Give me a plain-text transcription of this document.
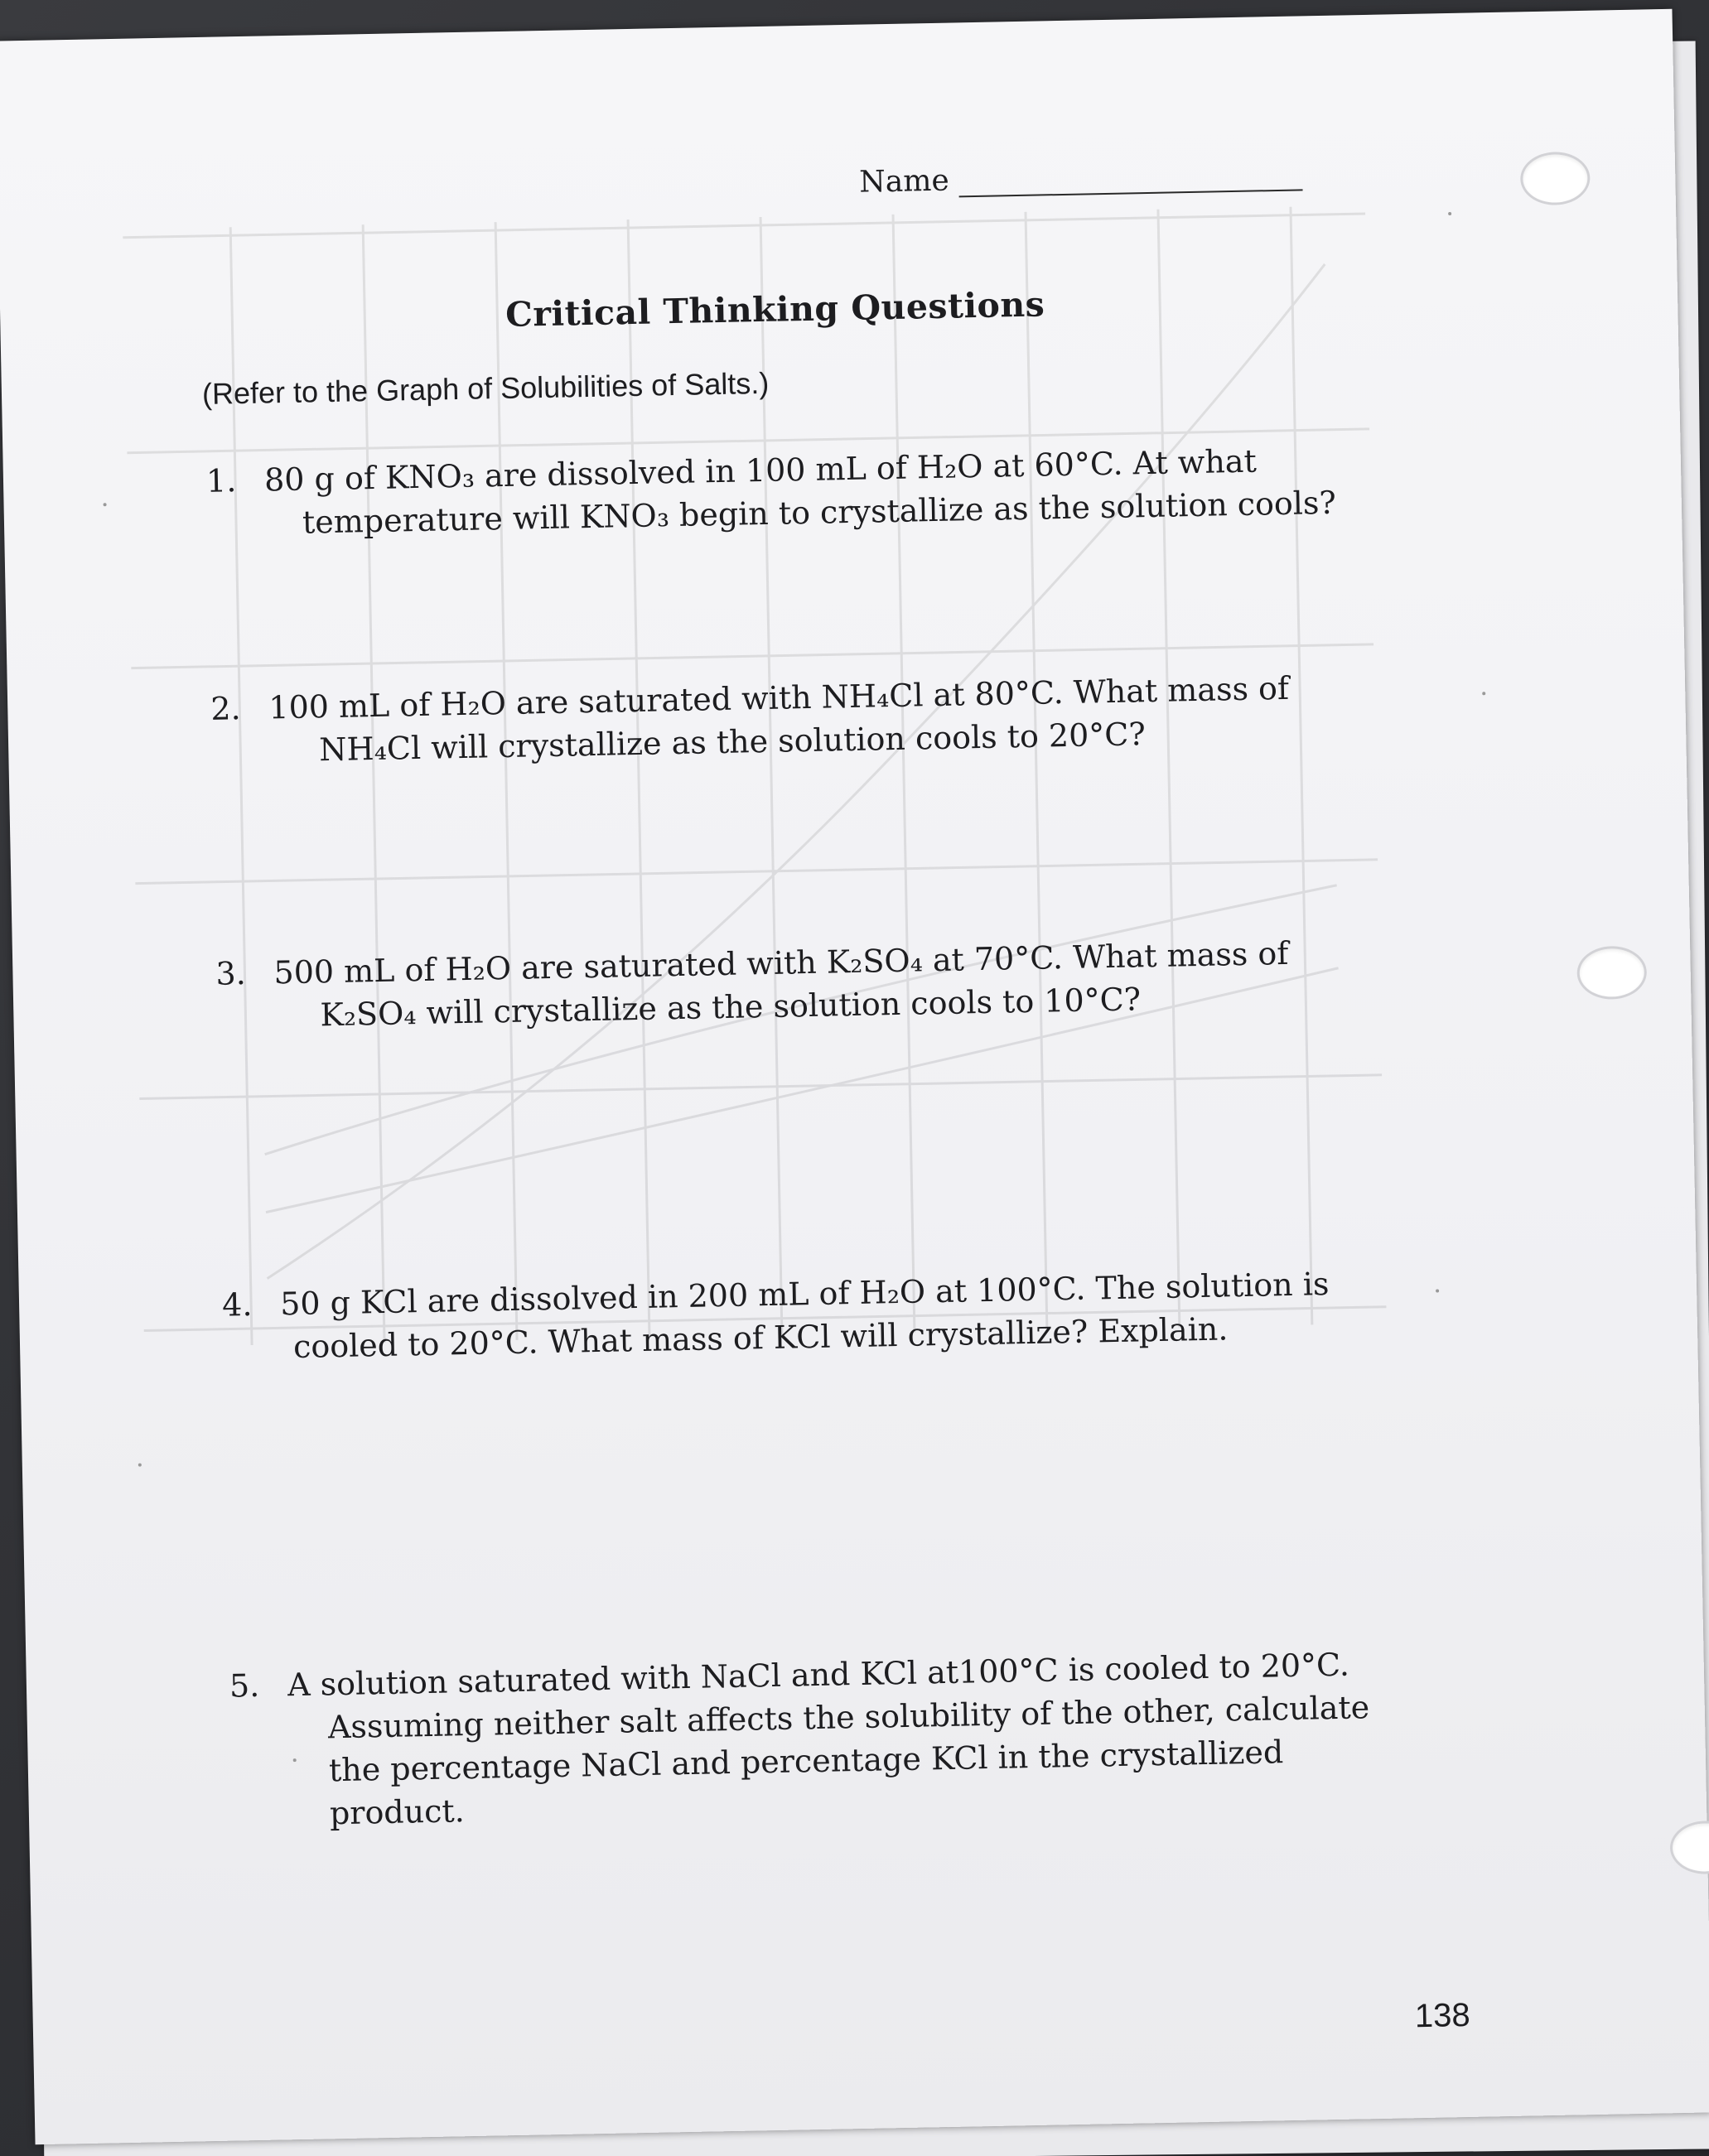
Name
Critical Thinking Questions
(Refer to the Graph of Solubilities of Salts.)
1. 80 g of KNO₃ are dissolved in 100 mL of H₂O at 60°C. At what
temperature will KNO₃ begin to crystallize as the solution cools?
2. 100 mL of H₂O are saturated with NH₄Cl at 80°C. What mass of
NH₄Cl will crystallize as the solution cools to 20°C?
3. 500 mL of H₂O are saturated with K₂SO₄ at 70°C. What mass of
K₂SO₄ will crystallize as the solution cools to 10°C?
4. 50 g KCl are dissolved in 200 mL of H₂O at 100°C. The solution is
cooled to 20°C. What mass of KCl will crystallize? Explain.
5. A solution saturated with NaCl and KCl at100°C is cooled to 20°C.
Assuming neither salt affects the solubility of the other, calculate
the percentage NaCl and percentage KCl in the crystallized
product.
138
